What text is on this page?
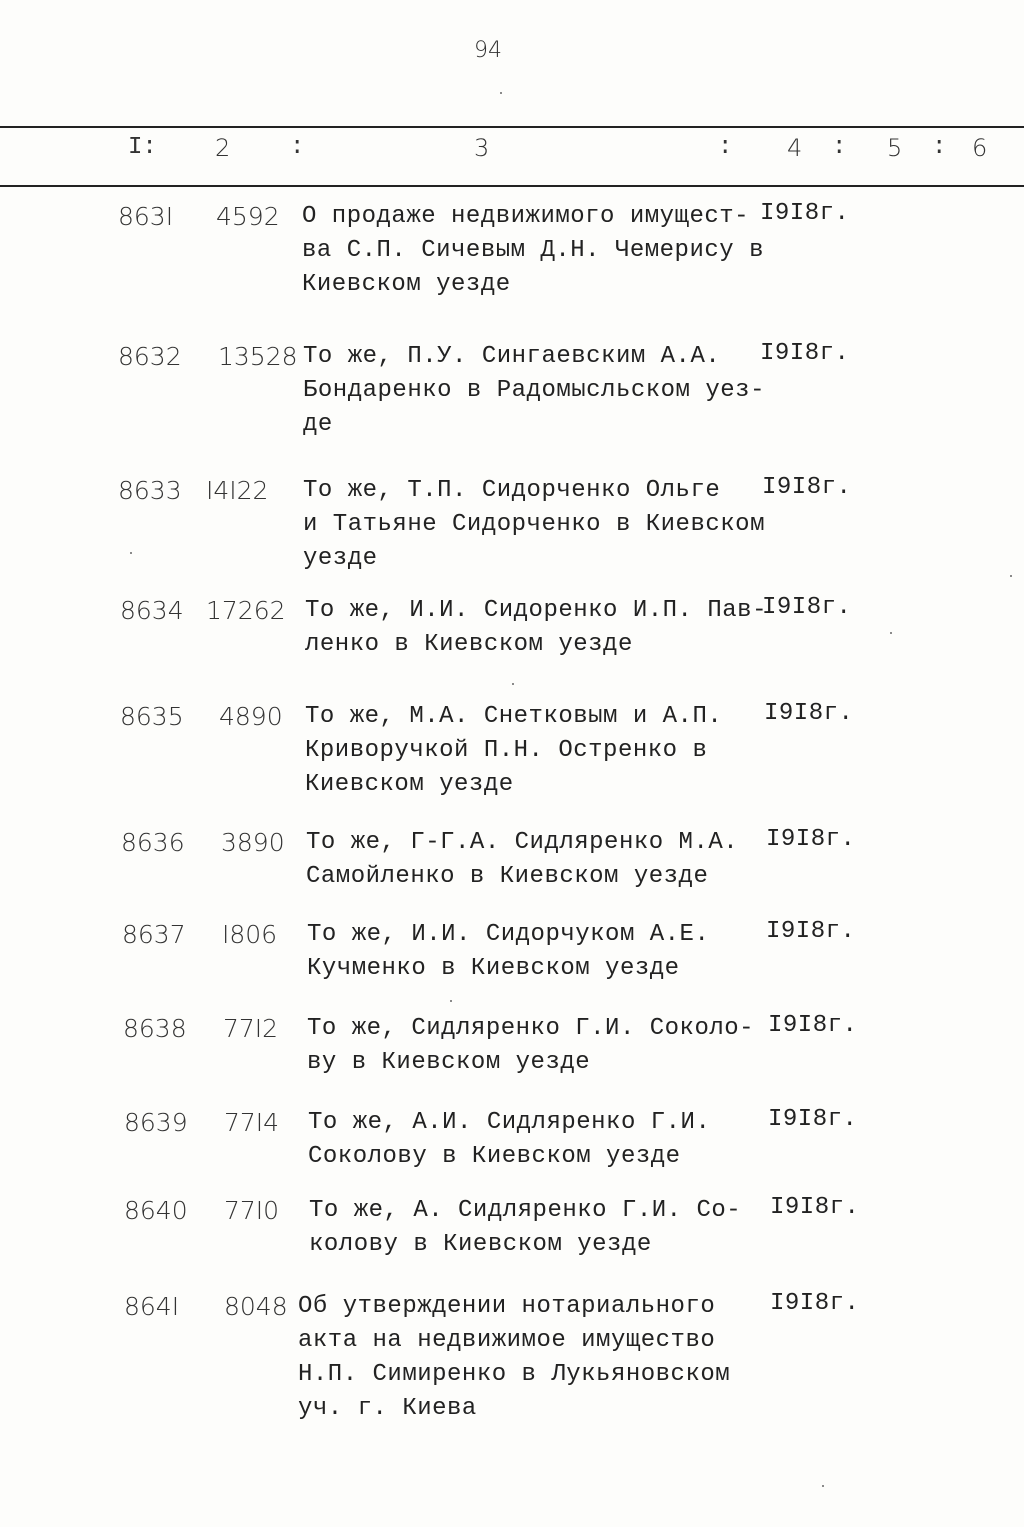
94
I: 2 :	3	: 4 : 5 : 6
863I 4592 О продаже недвижимого имущест-
ва С.П. Сичевым Д.Н. Чемерису в
Киевском уезде
I9I8г.
8632 13528 То же, П.У. Сингаевским А.А.
Бондаренко в Радомысльском уез-
де
I9I8г.
8633 I4I22 То же, Т.П. Сидорченко Ольге
и Татьяне Сидорченко в Киевском
уезде
I9I8г.
8634 17262 То же, И.И. Сидоренко И.П. Пав-
ленко в Киевском уезде
I9I8г.
8635 4890 То же, М.А. Снетковым и А.П.
Криворучкой П.Н. Остренко в
Киевском уезде
I9I8г.
8636 3890 То же, Г-Г.А. Сидляренко М.А.
Самойленко в Киевском уезде
I9I8г.
8637 I806 То же, И.И. Сидорчуком А.Е.
Кучменко в Киевском уезде
I9I8г.
8638 77I2 То же, Сидляренко Г.И. Соколо-
ву в Киевском уезде
I9I8г.
8639 77I4 То же, А.И. Сидляренко Г.И.
Соколову в Киевском уезде
I9I8г.
8640 77I0 То же, А. Сидляренко Г.И. Со-
колову в Киевском уезде
I9I8г.
864I 8048 Об утверждении нотариального
акта на недвижимое имущество
Н.П. Симиренко в Лукьяновском
уч. г. Киева
I9I8г.
